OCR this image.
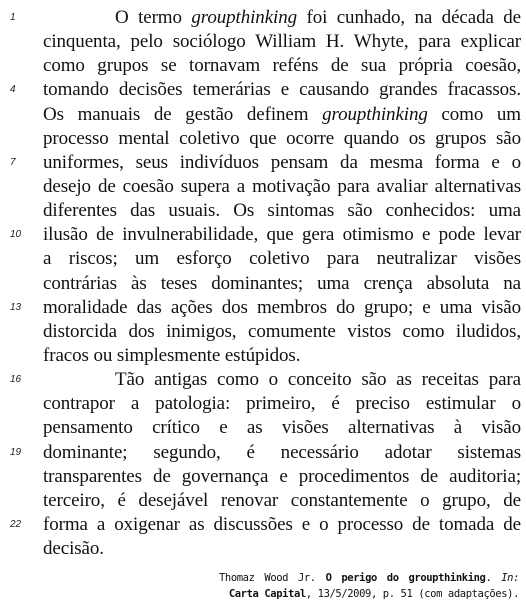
1	O termo groupthinking foi cunhado, na década de
cinquenta, pelo sociólogo William H. Whyte, para explicar
como grupos se tornavam reféns de sua própria coesão,
4	tomando decisões temerárias e causando grandes fracassos.
Os manuais de gestão definem groupthinking como um
processo mental coletivo que ocorre quando os grupos são
7	uniformes, seus indivíduos pensam da mesma forma e o
desejo de coesão supera a motivação para avaliar alternativas
diferentes das usuais. Os sintomas são conhecidos: uma
10	ilusão de invulnerabilidade, que gera otimismo e pode levar
a riscos; um esforço coletivo para neutralizar visões
contrárias às teses dominantes; uma crença absoluta na
13	moralidade das ações dos membros do grupo; e uma visão
distorcida dos inimigos, comumente vistos como iludidos,
fracos ou simplesmente estúpidos.
16	Tão antigas como o conceito são as receitas para
contrapor a patologia: primeiro, é preciso estimular o
pensamento crítico e as visões alternativas à visão
19	dominante; segundo, é necessário adotar sistemas
transparentes de governança e procedimentos de auditoria;
terceiro, é desejável renovar constantemente o grupo, de
22	forma a oxigenar as discussões e o processo de tomada de
decisão.
Thomaz Wood Jr. O perigo do groupthinking. In: Carta Capital, 13/5/2009, p. 51 (com adaptações).
